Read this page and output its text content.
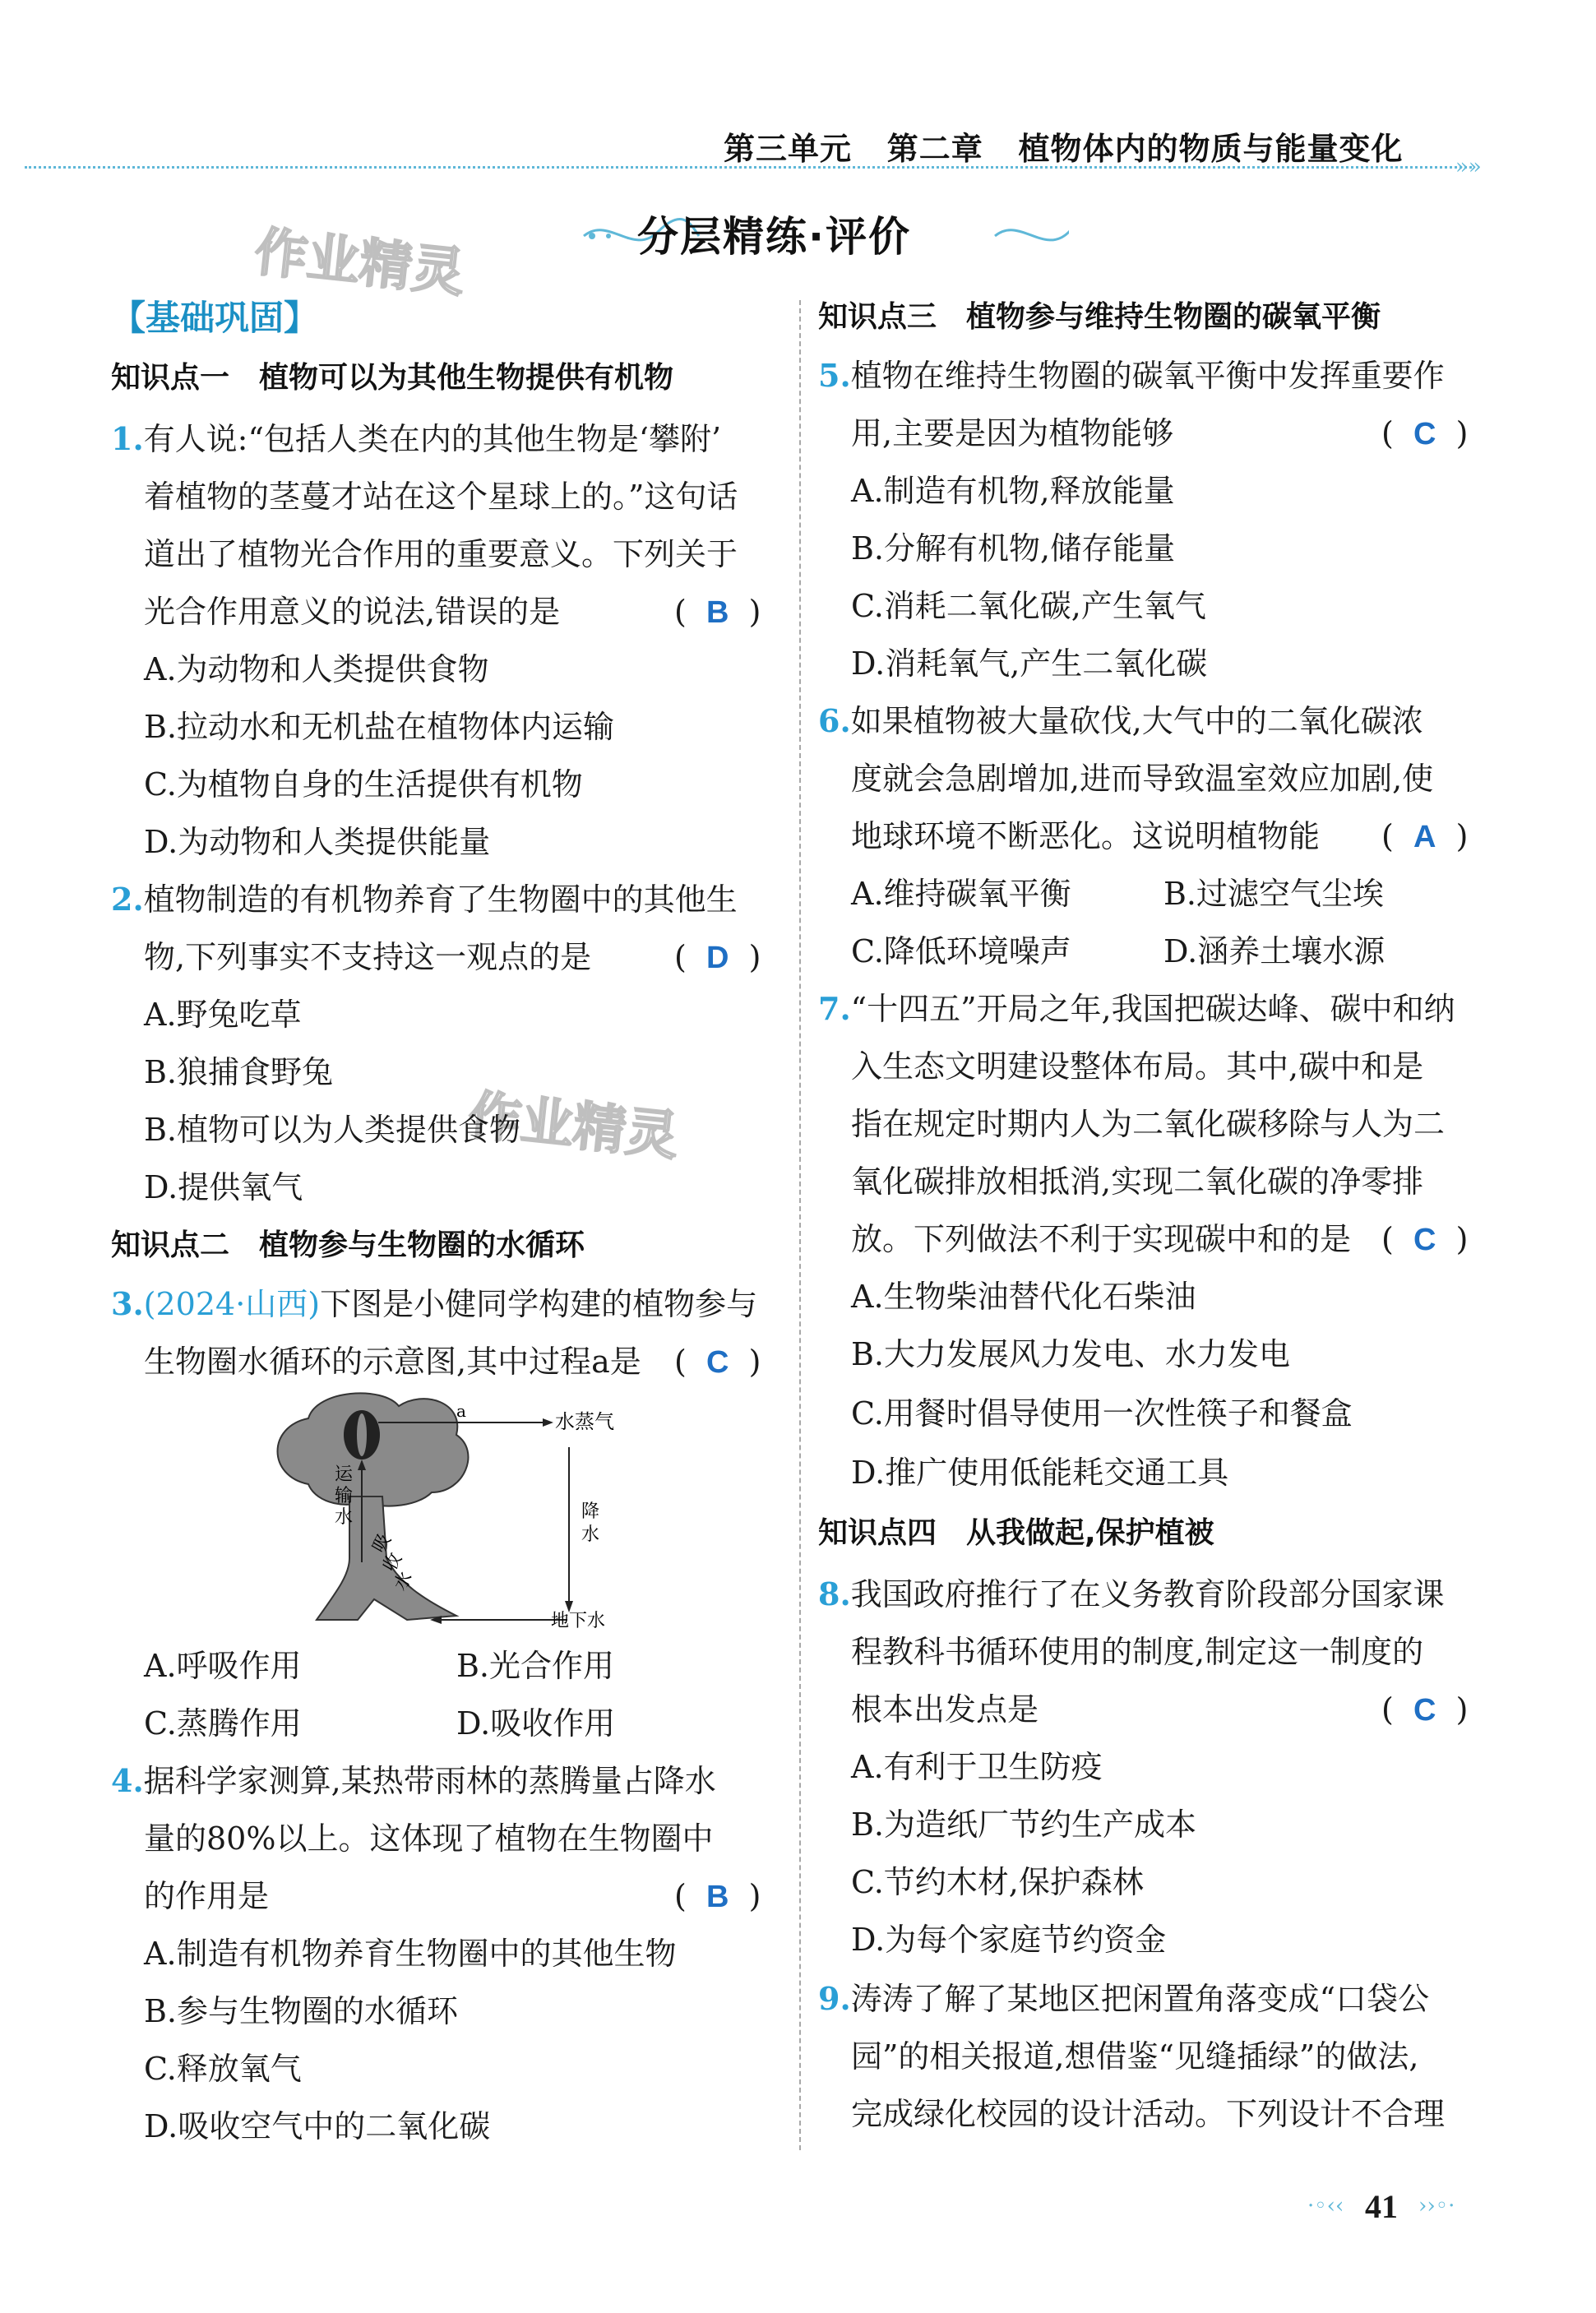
第三单元 第二章 植物体内的物质与能量变化 »»
分层精练·评价
作业精灵
作业精灵
【基础巩固】
知识点一　植物可以为其他生物提供有机物
1.有人说:“包括人类在内的其他生物是‘攀附’
着植物的茎蔓才站在这个星球上的。”这句话
道出了植物光合作用的重要意义。下列关于
光合作用意义的说法,错误的是	(  B  )
A.为动物和人类提供食物
B.拉动水和无机盐在植物体内运输
C.为植物自身的生活提供有机物
D.为动物和人类提供能量
2.植物制造的有机物养育了生物圈中的其他生
物,下列事实不支持这一观点的是	(  D  )
A.野兔吃草
B.狼捕食野兔
B.植物可以为人类提供食物
D.提供氧气
知识点二　植物参与生物圈的水循环
3.(2024·山西)下图是小健同学构建的植物参与
生物圈水循环的示意图,其中过程a是 (  C  )
a	水蒸气
降
水
运
输
水
吸
收
水
地下水
A.呼吸作用	B.光合作用
C.蒸腾作用	D.吸收作用
4.据科学家测算,某热带雨林的蒸腾量占降水
量的80%以上。这体现了植物在生物圈中
的作用是	(  B  )
A.制造有机物养育生物圈中的其他生物
B.参与生物圈的水循环
C.释放氧气
D.吸收空气中的二氧化碳
知识点三　植物参与维持生物圈的碳氧平衡
5.植物在维持生物圈的碳氧平衡中发挥重要作
用,主要是因为植物能够	(  C  )
A.制造有机物,释放能量
B.分解有机物,储存能量
C.消耗二氧化碳,产生氧气
D.消耗氧气,产生二氧化碳
6.如果植物被大量砍伐,大气中的二氧化碳浓
度就会急剧增加,进而导致温室效应加剧,使
地球环境不断恶化。这说明植物能 (  A  )
A.维持碳氧平衡	B.过滤空气尘埃
C.降低环境噪声	D.涵养土壤水源
7.“十四五”开局之年,我国把碳达峰、碳中和纳
入生态文明建设整体布局。其中,碳中和是
指在规定时期内人为二氧化碳移除与人为二
氧化碳排放相抵消,实现二氧化碳的净零排
放。下列做法不利于实现碳中和的是 (  C  )
A.生物柴油替代化石柴油
B.大力发展风力发电、水力发电
C.用餐时倡导使用一次性筷子和餐盒
D.推广使用低能耗交通工具
知识点四　从我做起,保护植被
8.我国政府推行了在义务教育阶段部分国家课
程教科书循环使用的制度,制定这一制度的
根本出发点是	(  C  )
A.有利于卫生防疫
B.为造纸厂节约生产成本
C.节约木材,保护森林
D.为每个家庭节约资金
9.涛涛了解了某地区把闲置角落变成“口袋公
园”的相关报道,想借鉴“见缝插绿”的做法,
完成绿化校园的设计活动。下列设计不合理
·◦‹‹ 41 ››◦·
